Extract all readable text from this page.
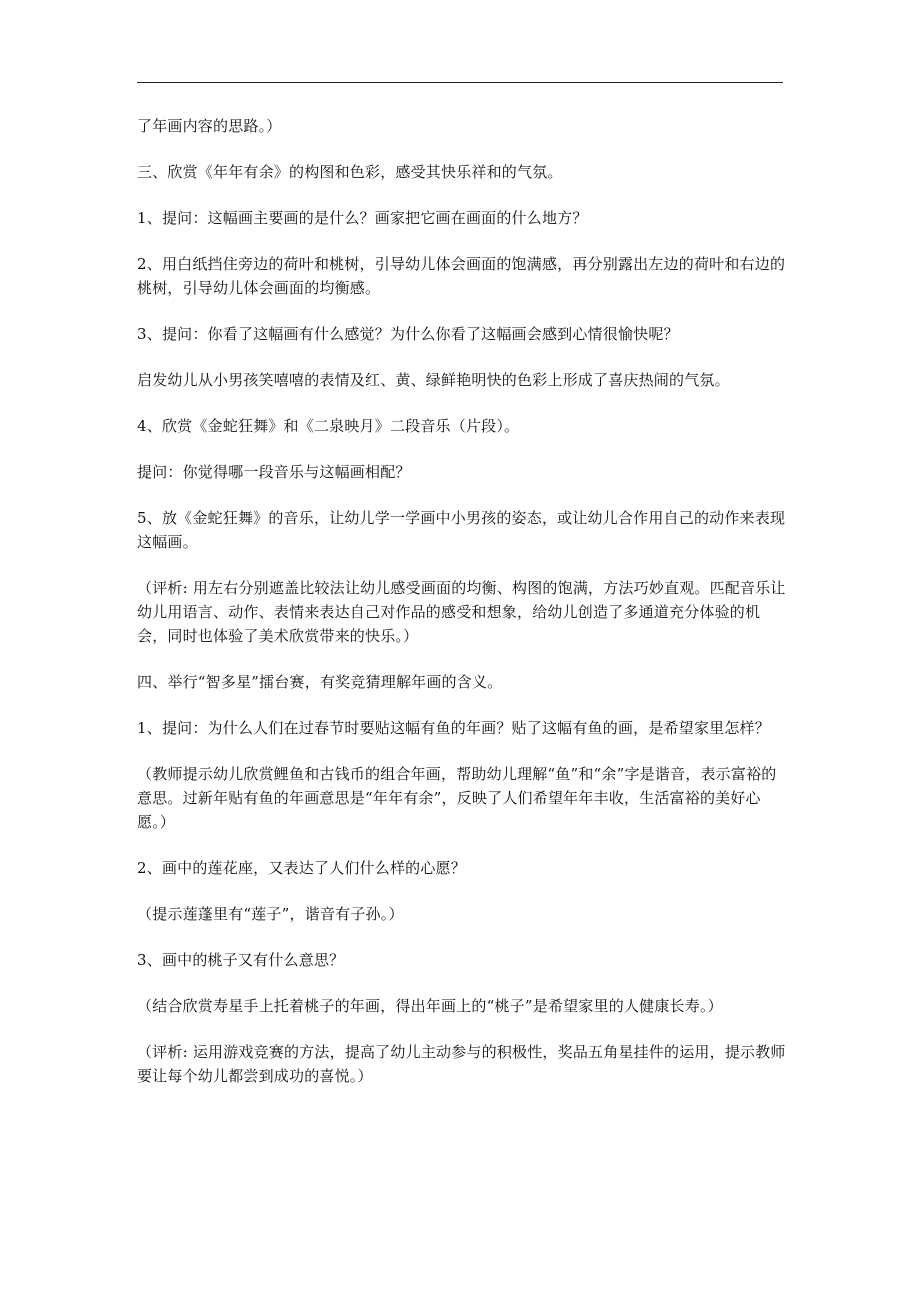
了年画内容的思路。）

三、欣赏《年年有余》的构图和色彩，感受其快乐祥和的气氛。

1、提问：这幅画主要画的是什么？画家把它画在画面的什么地方？

2、用白纸挡住旁边的荷叶和桃树，引导幼儿体会画面的饱满感，再分别露出左边的荷叶和右边的桃树，引导幼儿体会画面的均衡感。

3、提问：你看了这幅画有什么感觉？为什么你看了这幅画会感到心情很愉快呢？

启发幼儿从小男孩笑嘻嘻的表情及红、黄、绿鲜艳明快的色彩上形成了喜庆热闹的气氛。

4、欣赏《金蛇狂舞》和《二泉映月》二段音乐（片段）。

提问：你觉得哪一段音乐与这幅画相配？

5、放《金蛇狂舞》的音乐，让幼儿学一学画中小男孩的姿态，或让幼儿合作用自己的动作来表现这幅画。

（评析: 用左右分别遮盖比较法让幼儿感受画面的均衡、构图的饱满，方法巧妙直观。匹配音乐让幼儿用语言、动作、表情来表达自己对作品的感受和想象，给幼儿创造了多通道充分体验的机会，同时也体验了美术欣赏带来的快乐。）

四、举行“智多星”擂台赛，有奖竞猜理解年画的含义。

1、提问：为什么人们在过春节时要贴这幅有鱼的年画？贴了这幅有鱼的画，是希望家里怎样？

（教师提示幼儿欣赏鲤鱼和古钱币的组合年画，帮助幼儿理解“鱼”和“余”字是谐音，表示富裕的意思。过新年贴有鱼的年画意思是“年年有余”，反映了人们希望年年丰收，生活富裕的美好心愿。）

2、画中的莲花座，又表达了人们什么样的心愿？

（提示莲蓬里有“莲子”，谐音有子孙。）

3、画中的桃子又有什么意思？

（结合欣赏寿星手上托着桃子的年画，得出年画上的“桃子”是希望家里的人健康长寿。）

（评析: 运用游戏竞赛的方法，提高了幼儿主动参与的积极性，奖品五角星挂件的运用，提示教师要让每个幼儿都尝到成功的喜悦。）
